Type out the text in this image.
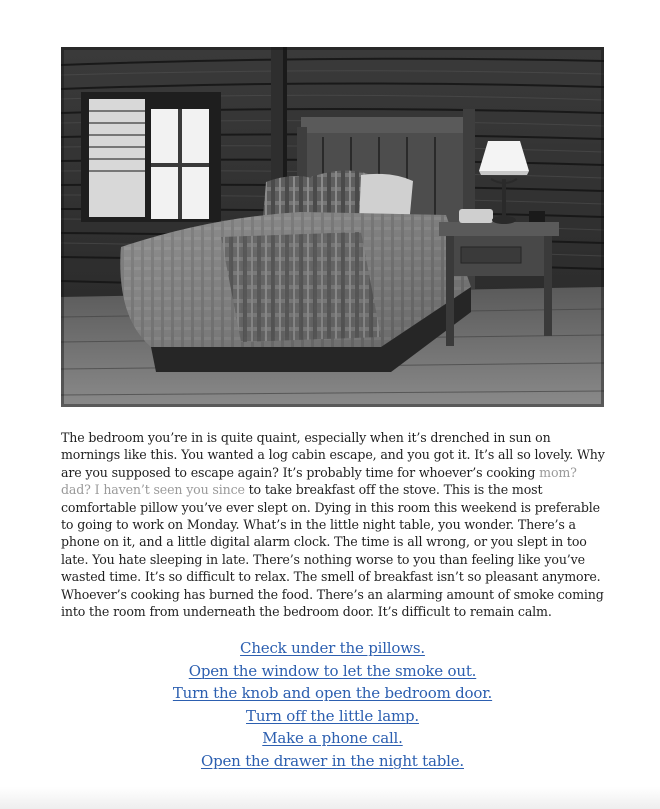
The bedroom you’re in is quite quaint, especially when it’s drenched in sun on mornings like this. You wanted a log cabin escape, and you got it. It’s all so lovely. Why are you supposed to escape again? It’s probably time for whoever’s cooking mom? dad? I haven’t seen you since to take breakfast off the stove. This is the most comfortable pillow you’ve ever slept on. Dying in this room this weekend is preferable to going to work on Monday. What’s in the little night table, you wonder. There’s a phone on it, and a little digital alarm clock. The time is all wrong, or you slept in too late. You hate sleeping in late. There’s nothing worse to you than feeling like you’ve wasted time. It’s so difficult to relax. The smell of breakfast isn’t so pleasant anymore. Whoever’s cooking has burned the food. There’s an alarming amount of smoke coming into the room from underneath the bedroom door. It’s difficult to remain calm.

Check under the pillows.
Open the window to let the smoke out.
Turn the knob and open the bedroom door.
Turn off the little lamp.
Make a phone call.
Open the drawer in the night table.
